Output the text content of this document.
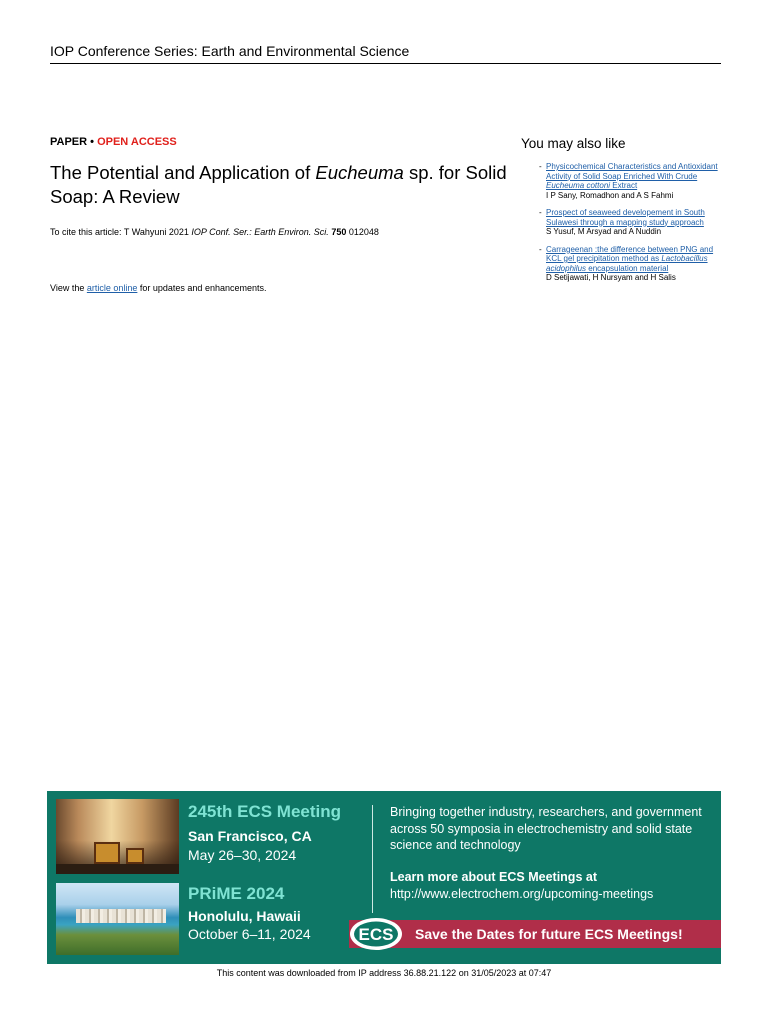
IOP Conference Series: Earth and Environmental Science
PAPER • OPEN ACCESS
The Potential and Application of Eucheuma sp. for Solid Soap: A Review
To cite this article: T Wahyuni 2021 IOP Conf. Ser.: Earth Environ. Sci. 750 012048
View the article online for updates and enhancements.
You may also like
- Physicochemical Characteristics and Antioxidant Activity of Solid Soap Enriched With Crude Eucheuma cottoni Extract
I P Sany, Romadhon and A S Fahmi
- Prospect of seaweed developement in South Sulawesi through a mapping study approach
S Yusuf, M Arsyad and A Nuddin
- Carrageenan :the difference between PNG and KCL gel precipitation method as Lactobacillus acidophilus encapsulation material
D Setijawati, H Nursyam and H Salis
245th ECS Meeting
San Francisco, CA
May 26–30, 2024
PRiME 2024
Honolulu, Hawaii
October 6–11, 2024
Bringing together industry, researchers, and government across 50 symposia in electrochemistry and solid state science and technology
Learn more about ECS Meetings at
http://www.electrochem.org/upcoming-meetings
Save the Dates for future ECS Meetings!
ECS
This content was downloaded from IP address 36.88.21.122 on 31/05/2023 at 07:47
